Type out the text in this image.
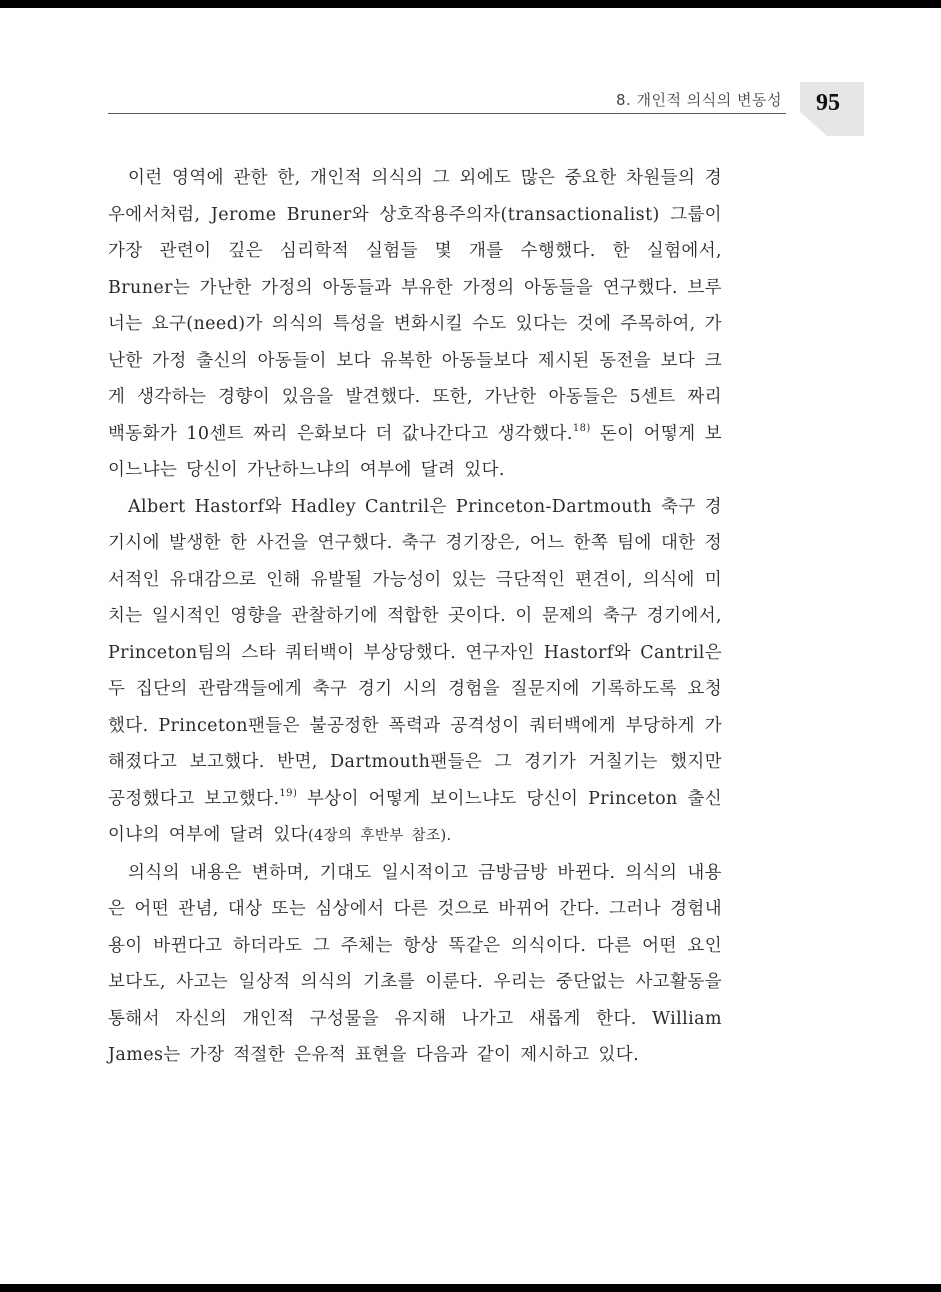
8. 개인적 의식의 변동성 95

이런 영역에 관한 한, 개인적 의식의 그 외에도 많은 중요한 차원들의 경우에서처럼, Jerome Bruner와 상호작용주의자(transactionalist) 그룹이 가장 관련이 깊은 심리학적 실험들 몇 개를 수행했다. 한 실험에서, Bruner는 가난한 가정의 아동들과 부유한 가정의 아동들을 연구했다. 브루너는 요구(need)가 의식의 특성을 변화시킬 수도 있다는 것에 주목하여, 가난한 가정 출신의 아동들이 보다 유복한 아동들보다 제시된 동전을 보다 크게 생각하는 경향이 있음을 발견했다. 또한, 가난한 아동들은 5센트 짜리 백동화가 10센트 짜리 은화보다 더 값나간다고 생각했다.$^{18)}$ 돈이 어떻게 보이느냐는 당신이 가난하느냐의 여부에 달려 있다.

Albert Hastorf와 Hadley Cantril은 Princeton-Dartmouth 축구 경기시에 발생한 한 사건을 연구했다. 축구 경기장은, 어느 한쪽 팀에 대한 정서적인 유대감으로 인해 유발될 가능성이 있는 극단적인 편견이, 의식에 미치는 일시적인 영향을 관찰하기에 적합한 곳이다. 이 문제의 축구 경기에서, Princeton팀의 스타 쿼터백이 부상당했다. 연구자인 Hastorf와 Cantril은 두 집단의 관람객들에게 축구 경기 시의 경험을 질문지에 기록하도록 요청했다. Princeton팬들은 불공정한 폭력과 공격성이 쿼터백에게 부당하게 가해졌다고 보고했다. 반면, Dartmouth팬들은 그 경기가 거칠기는 했지만 공정했다고 보고했다.$^{19)}$ 부상이 어떻게 보이느냐도 당신이 Princeton 출신이냐의 여부에 달려 있다(4장의 후반부 참조).

의식의 내용은 변하며, 기대도 일시적이고 금방금방 바뀐다. 의식의 내용은 어떤 관념, 대상 또는 심상에서 다른 것으로 바뀌어 간다. 그러나 경험내용이 바뀐다고 하더라도 그 주체는 항상 똑같은 의식이다. 다른 어떤 요인보다도, 사고는 일상적 의식의 기초를 이룬다. 우리는 중단없는 사고활동을 통해서 자신의 개인적 구성물을 유지해 나가고 새롭게 한다. William James는 가장 적절한 은유적 표현을 다음과 같이 제시하고 있다.
